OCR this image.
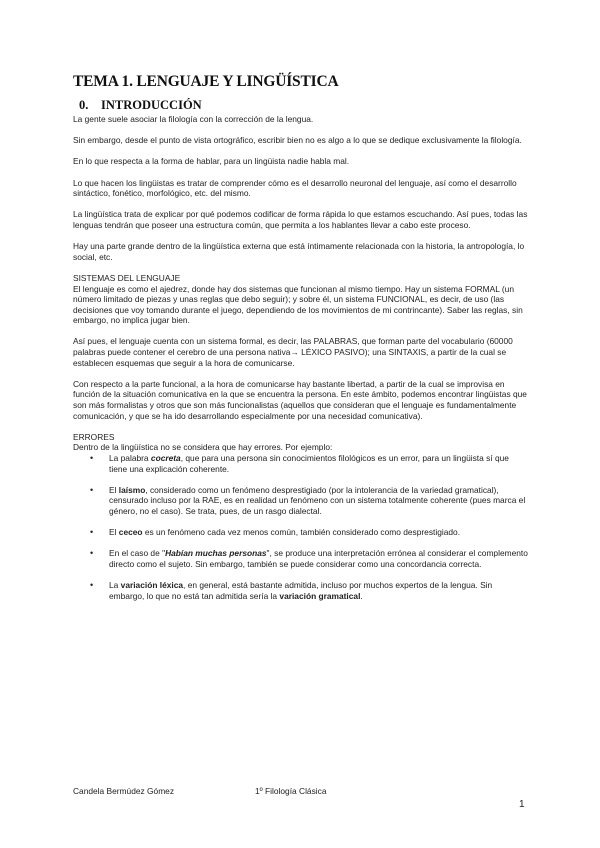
TEMA 1. LENGUAJE Y LINGÜÍSTICA
0. INTRODUCCIÓN

La gente suele asociar la filología con la corrección de la lengua.

Sin embargo, desde el punto de vista ortográfico, escribir bien no es algo a lo que se dedique exclusivamente la filología.

En lo que respecta a la forma de hablar, para un lingüista nadie habla mal.

Lo que hacen los lingüistas es tratar de comprender cómo es el desarrollo neuronal del lenguaje, así como el desarrollo sintáctico, fonético, morfológico, etc. del mismo.

La lingüística trata de explicar por qué podemos codificar de forma rápida lo que estamos escuchando. Así pues, todas las lenguas tendrán que poseer una estructura común, que permita a los hablantes llevar a cabo este proceso.

Hay una parte grande dentro de la lingüística externa que está íntimamente relacionada con la historia, la antropología, lo social, etc.

SISTEMAS DEL LENGUAJE

El lenguaje es como el ajedrez, donde hay dos sistemas que funcionan al mismo tiempo. Hay un sistema FORMAL (un número limitado de piezas y unas reglas que debo seguir); y sobre él, un sistema FUNCIONAL, es decir, de uso (las decisiones que voy tomando durante el juego, dependiendo de los movimientos de mi contrincante). Saber las reglas, sin embargo, no implica jugar bien.

Así pues, el lenguaje cuenta con un sistema formal, es decir, las PALABRAS, que forman parte del vocabulario (60000 palabras puede contener el cerebro de una persona nativa→ LÉXICO PASIVO); una SINTAXIS, a partir de la cual se establecen esquemas que seguir a la hora de comunicarse.

Con respecto a la parte funcional, a la hora de comunicarse hay bastante libertad, a partir de la cual se improvisa en función de la situación comunicativa en la que se encuentra la persona. En este ámbito, podemos encontrar lingüistas que son más formalistas y otros que son más funcionalistas (aquellos que consideran que el lenguaje es fundamentalmente comunicación, y que se ha ido desarrollando especialmente por una necesidad comunicativa).

ERRORES
Dentro de la lingüística no se considera que hay errores. Por ejemplo:
• La palabra cocreta, que para una persona sin conocimientos filológicos es un error, para un lingüista sí que tiene una explicación coherente.
• El laísmo, considerado como un fenómeno desprestigiado (por la intolerancia de la variedad gramatical), censurado incluso por la RAE, es en realidad un fenómeno con un sistema totalmente coherente (pues marca el género, no el caso). Se trata, pues, de un rasgo dialectal.
• El ceceo es un fenómeno cada vez menos común, también considerado como desprestigiado.
• En el caso de "Habían muchas personas", se produce una interpretación errónea al considerar el complemento directo como el sujeto. Sin embargo, también se puede considerar como una concordancia correcta.
• La variación léxica, en general, está bastante admitida, incluso por muchos expertos de la lengua. Sin embargo, lo que no está tan admitida sería la variación gramatical.
Candela Bermúdez Gómez	1º Filología Clásica
1
